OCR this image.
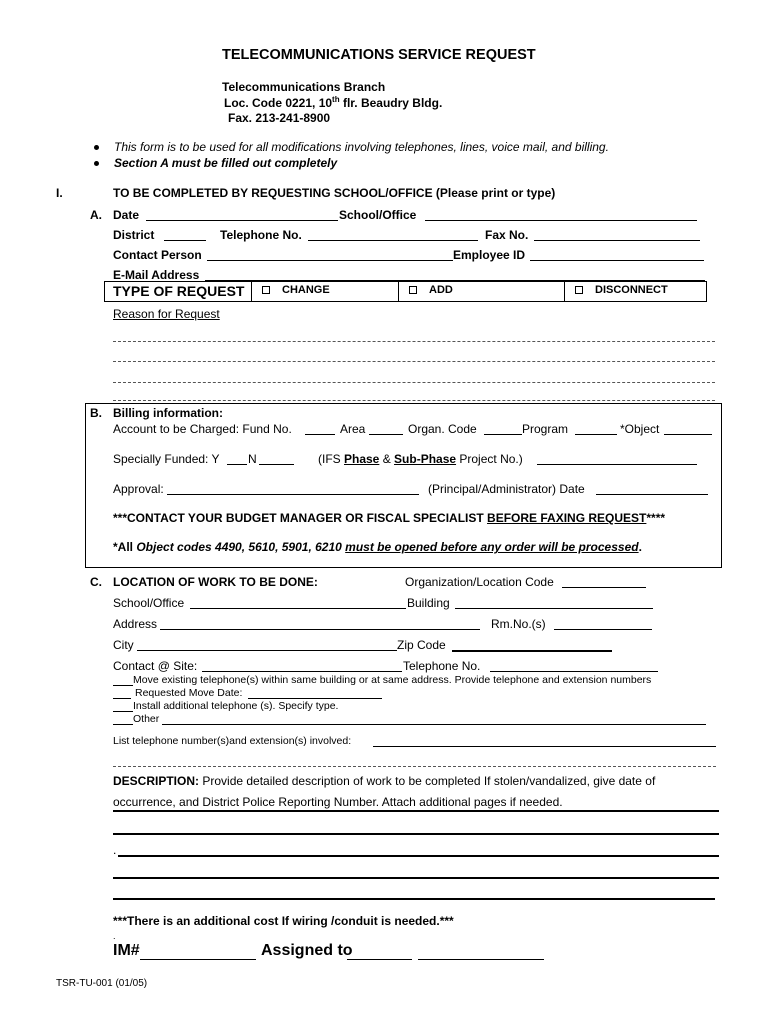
TELECOMMUNICATIONS SERVICE REQUEST
Telecommunications Branch
Loc. Code 0221, 10th flr. Beaudry Bldg.
Fax. 213-241-8900
This form is to be used for all modifications involving telephones, lines, voice mail, and billing.
Section A must be filled out completely
I.	TO BE COMPLETED BY REQUESTING SCHOOL/OFFICE (Please print or type)
A. Date	School/Office
District	Telephone No.	Fax No.
Contact Person	Employee ID
E-Mail Address
TYPE OF REQUEST	CHANGE	ADD	DISCONNECT
Reason for Request
B. Billing information:
Account to be Charged: Fund No.	Area	Organ. Code	Program	*Object
Specially Funded: Y N	(IFS Phase & Sub-Phase Project No.)
Approval:	(Principal/Administrator) Date
***CONTACT YOUR BUDGET MANAGER OR FISCAL SPECIALIST BEFORE FAXING REQUEST****
*All Object codes 4490, 5610, 5901, 6210 must be opened before any order will be processed.
C. LOCATION OF WORK TO BE DONE:	Organization/Location Code
School/Office	Building
Address	Rm.No.(s)
City	Zip Code
Contact @ Site:	Telephone No.
Move existing telephone(s) within same building or at same address. Provide telephone and extension numbers
Requested Move Date:
Install additional telephone (s). Specify type.
Other
List telephone number(s)and extension(s) involved:
DESCRIPTION: Provide detailed description of work to be completed If stolen/vandalized, give date of
occurrence, and District Police Reporting Number. Attach additional pages if needed.
.
***There is an additional cost If wiring /conduit is needed.***
.
IM#	Assigned to
TSR-TU-001 (01/05)
